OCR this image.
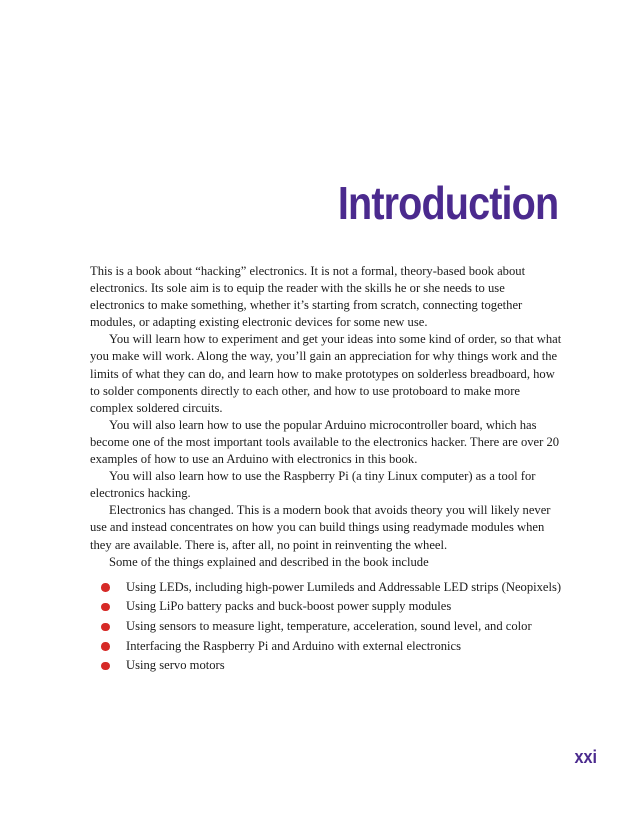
Introduction

This is a book about “hacking” electronics. It is not a formal, theory-based book about electronics. Its sole aim is to equip the reader with the skills he or she needs to use electronics to make something, whether it’s starting from scratch, connecting together modules, or adapting existing electronic devices for some new use.

You will learn how to experiment and get your ideas into some kind of order, so that what you make will work. Along the way, you’ll gain an appreciation for why things work and the limits of what they can do, and learn how to make prototypes on solderless breadboard, how to solder components directly to each other, and how to use protoboard to make more complex soldered circuits.

You will also learn how to use the popular Arduino microcontroller board, which has become one of the most important tools available to the electronics hacker. There are over 20 examples of how to use an Arduino with electronics in this book.

You will also learn how to use the Raspberry Pi (a tiny Linux computer) as a tool for electronics hacking.

Electronics has changed. This is a modern book that avoids theory you will likely never use and instead concentrates on how you can build things using readymade modules when they are available. There is, after all, no point in reinventing the wheel.

Some of the things explained and described in the book include

Using LEDs, including high-power Lumileds and Addressable LED strips (Neopixels)
Using LiPo battery packs and buck-boost power supply modules
Using sensors to measure light, temperature, acceleration, sound level, and color
Interfacing the Raspberry Pi and Arduino with external electronics
Using servo motors
xxi
